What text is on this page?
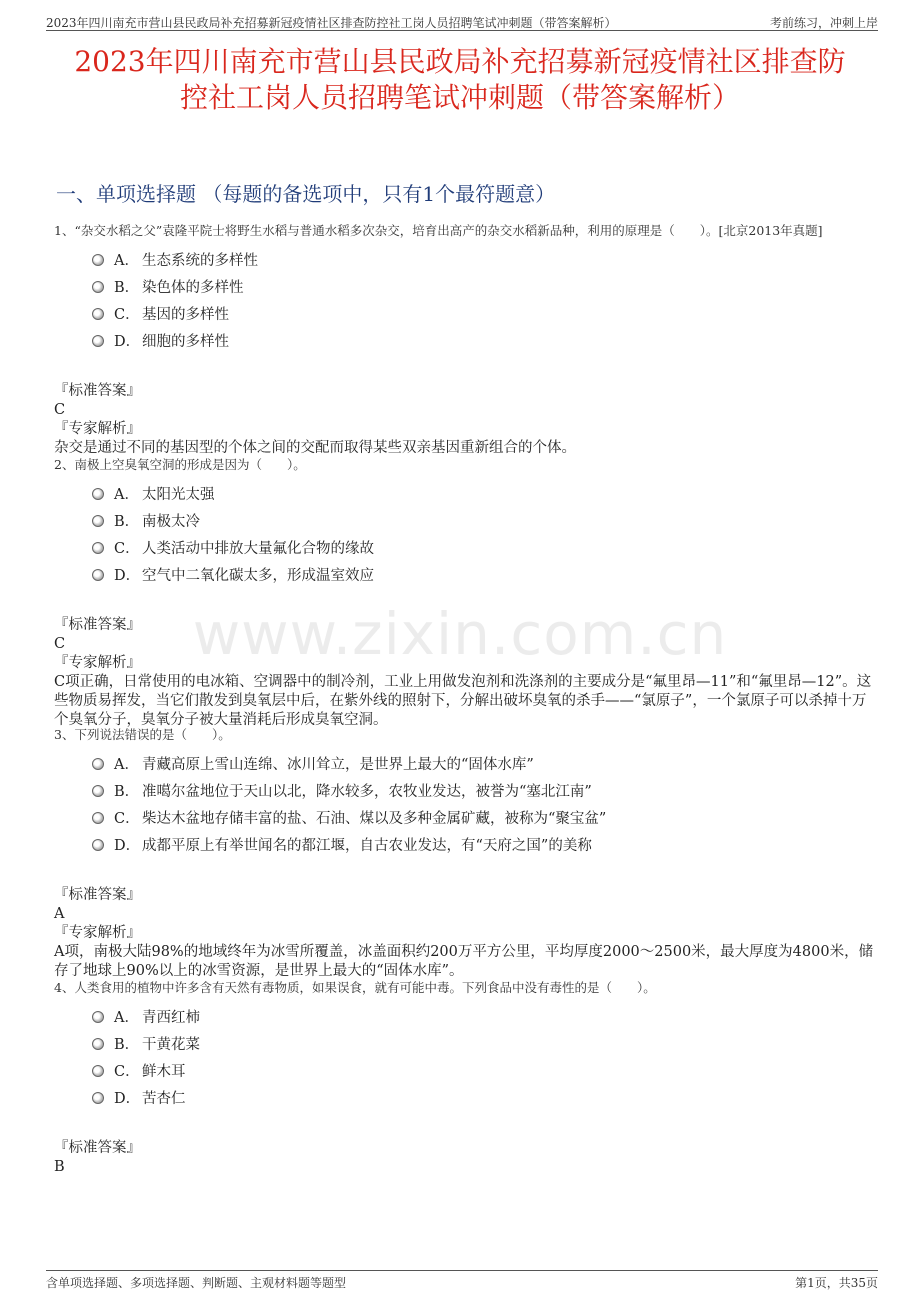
2023年四川南充市营山县民政局补充招募新冠疫情社区排查防控社工岗人员招聘笔试冲刺题（带答案解析）	考前练习，冲刺上岸
2023年四川南充市营山县民政局补充招募新冠疫情社区排查防
控社工岗人员招聘笔试冲刺题（带答案解析）
www.zixin.com.cn
一、单项选择题 （每题的备选项中，只有1个最符题意）
1、“杂交水稻之父”袁隆平院士将野生水稻与普通水稻多次杂交，培育出高产的杂交水稻新品种，利用的原理是（　　）。[北京2013年真题]
A． 生态系统的多样性
B． 染色体的多样性
C． 基因的多样性
D． 细胞的多样性
『标准答案』
C
『专家解析』
杂交是通过不同的基因型的个体之间的交配而取得某些双亲基因重新组合的个体。
2、南极上空臭氧空洞的形成是因为（　　）。
A． 太阳光太强
B． 南极太冷
C． 人类活动中排放大量氟化合物的缘故
D． 空气中二氧化碳太多，形成温室效应
『标准答案』
C
『专家解析』
C项正确，日常使用的电冰箱、空调器中的制冷剂，工业上用做发泡剂和洗涤剂的主要成分是“氟里昂—11”和“氟里昂—12”。这些物质易挥发，当它们散发到臭氧层中后，在紫外线的照射下，分解出破坏臭氧的杀手——“氯原子”，一个氯原子可以杀掉十万个臭氧分子，臭氧分子被大量消耗后形成臭氧空洞。
3、下列说法错误的是（　　）。
A． 青藏高原上雪山连绵、冰川耸立，是世界上最大的“固体水库”
B． 准噶尔盆地位于天山以北，降水较多，农牧业发达，被誉为“塞北江南”
C． 柴达木盆地存储丰富的盐、石油、煤以及多种金属矿藏，被称为“聚宝盆”
D． 成都平原上有举世闻名的都江堰，自古农业发达，有“天府之国”的美称
『标准答案』
A
『专家解析』
A项，南极大陆98%的地域终年为冰雪所覆盖，冰盖面积约200万平方公里，平均厚度2000～2500米，最大厚度为4800米，储存了地球上90%以上的冰雪资源，是世界上最大的“固体水库”。
4、人类食用的植物中许多含有天然有毒物质，如果误食，就有可能中毒。下列食品中没有毒性的是（　　）。
A． 青西红柿
B． 干黄花菜
C． 鲜木耳
D． 苦杏仁
『标准答案』
B
含单项选择题、多项选择题、判断题、主观材料题等题型	第1页，共35页
